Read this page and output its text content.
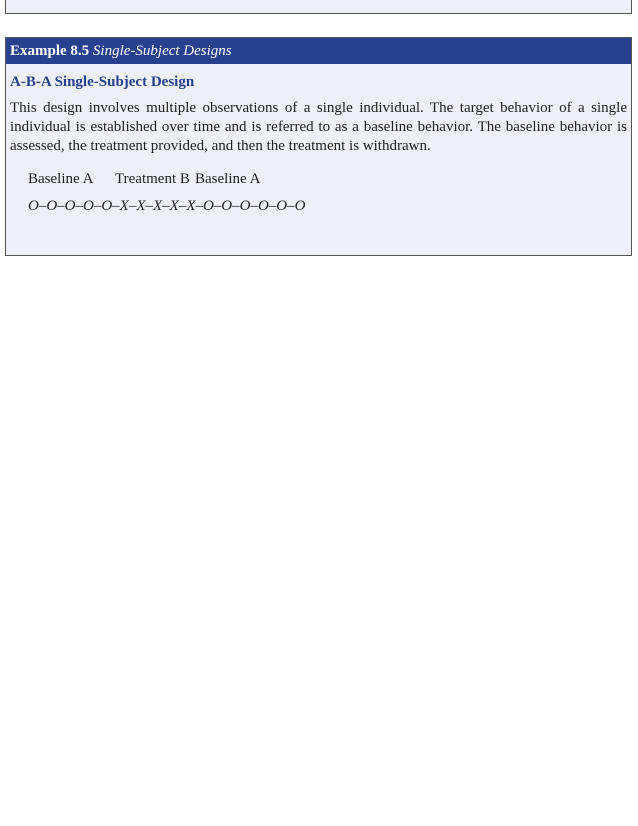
Example 8.5 Single-Subject Designs
A-B-A Single-Subject Design
This design involves multiple observations of a single individual. The target behavior of a single individual is established over time and is referred to as a baseline behavior. The baseline behavior is assessed, the treatment provided, and then the treatment is withdrawn.
Baseline A Treatment B Baseline A
O–O–O–O–O–X–X–X–X–X–O–O–O–O–O–O
